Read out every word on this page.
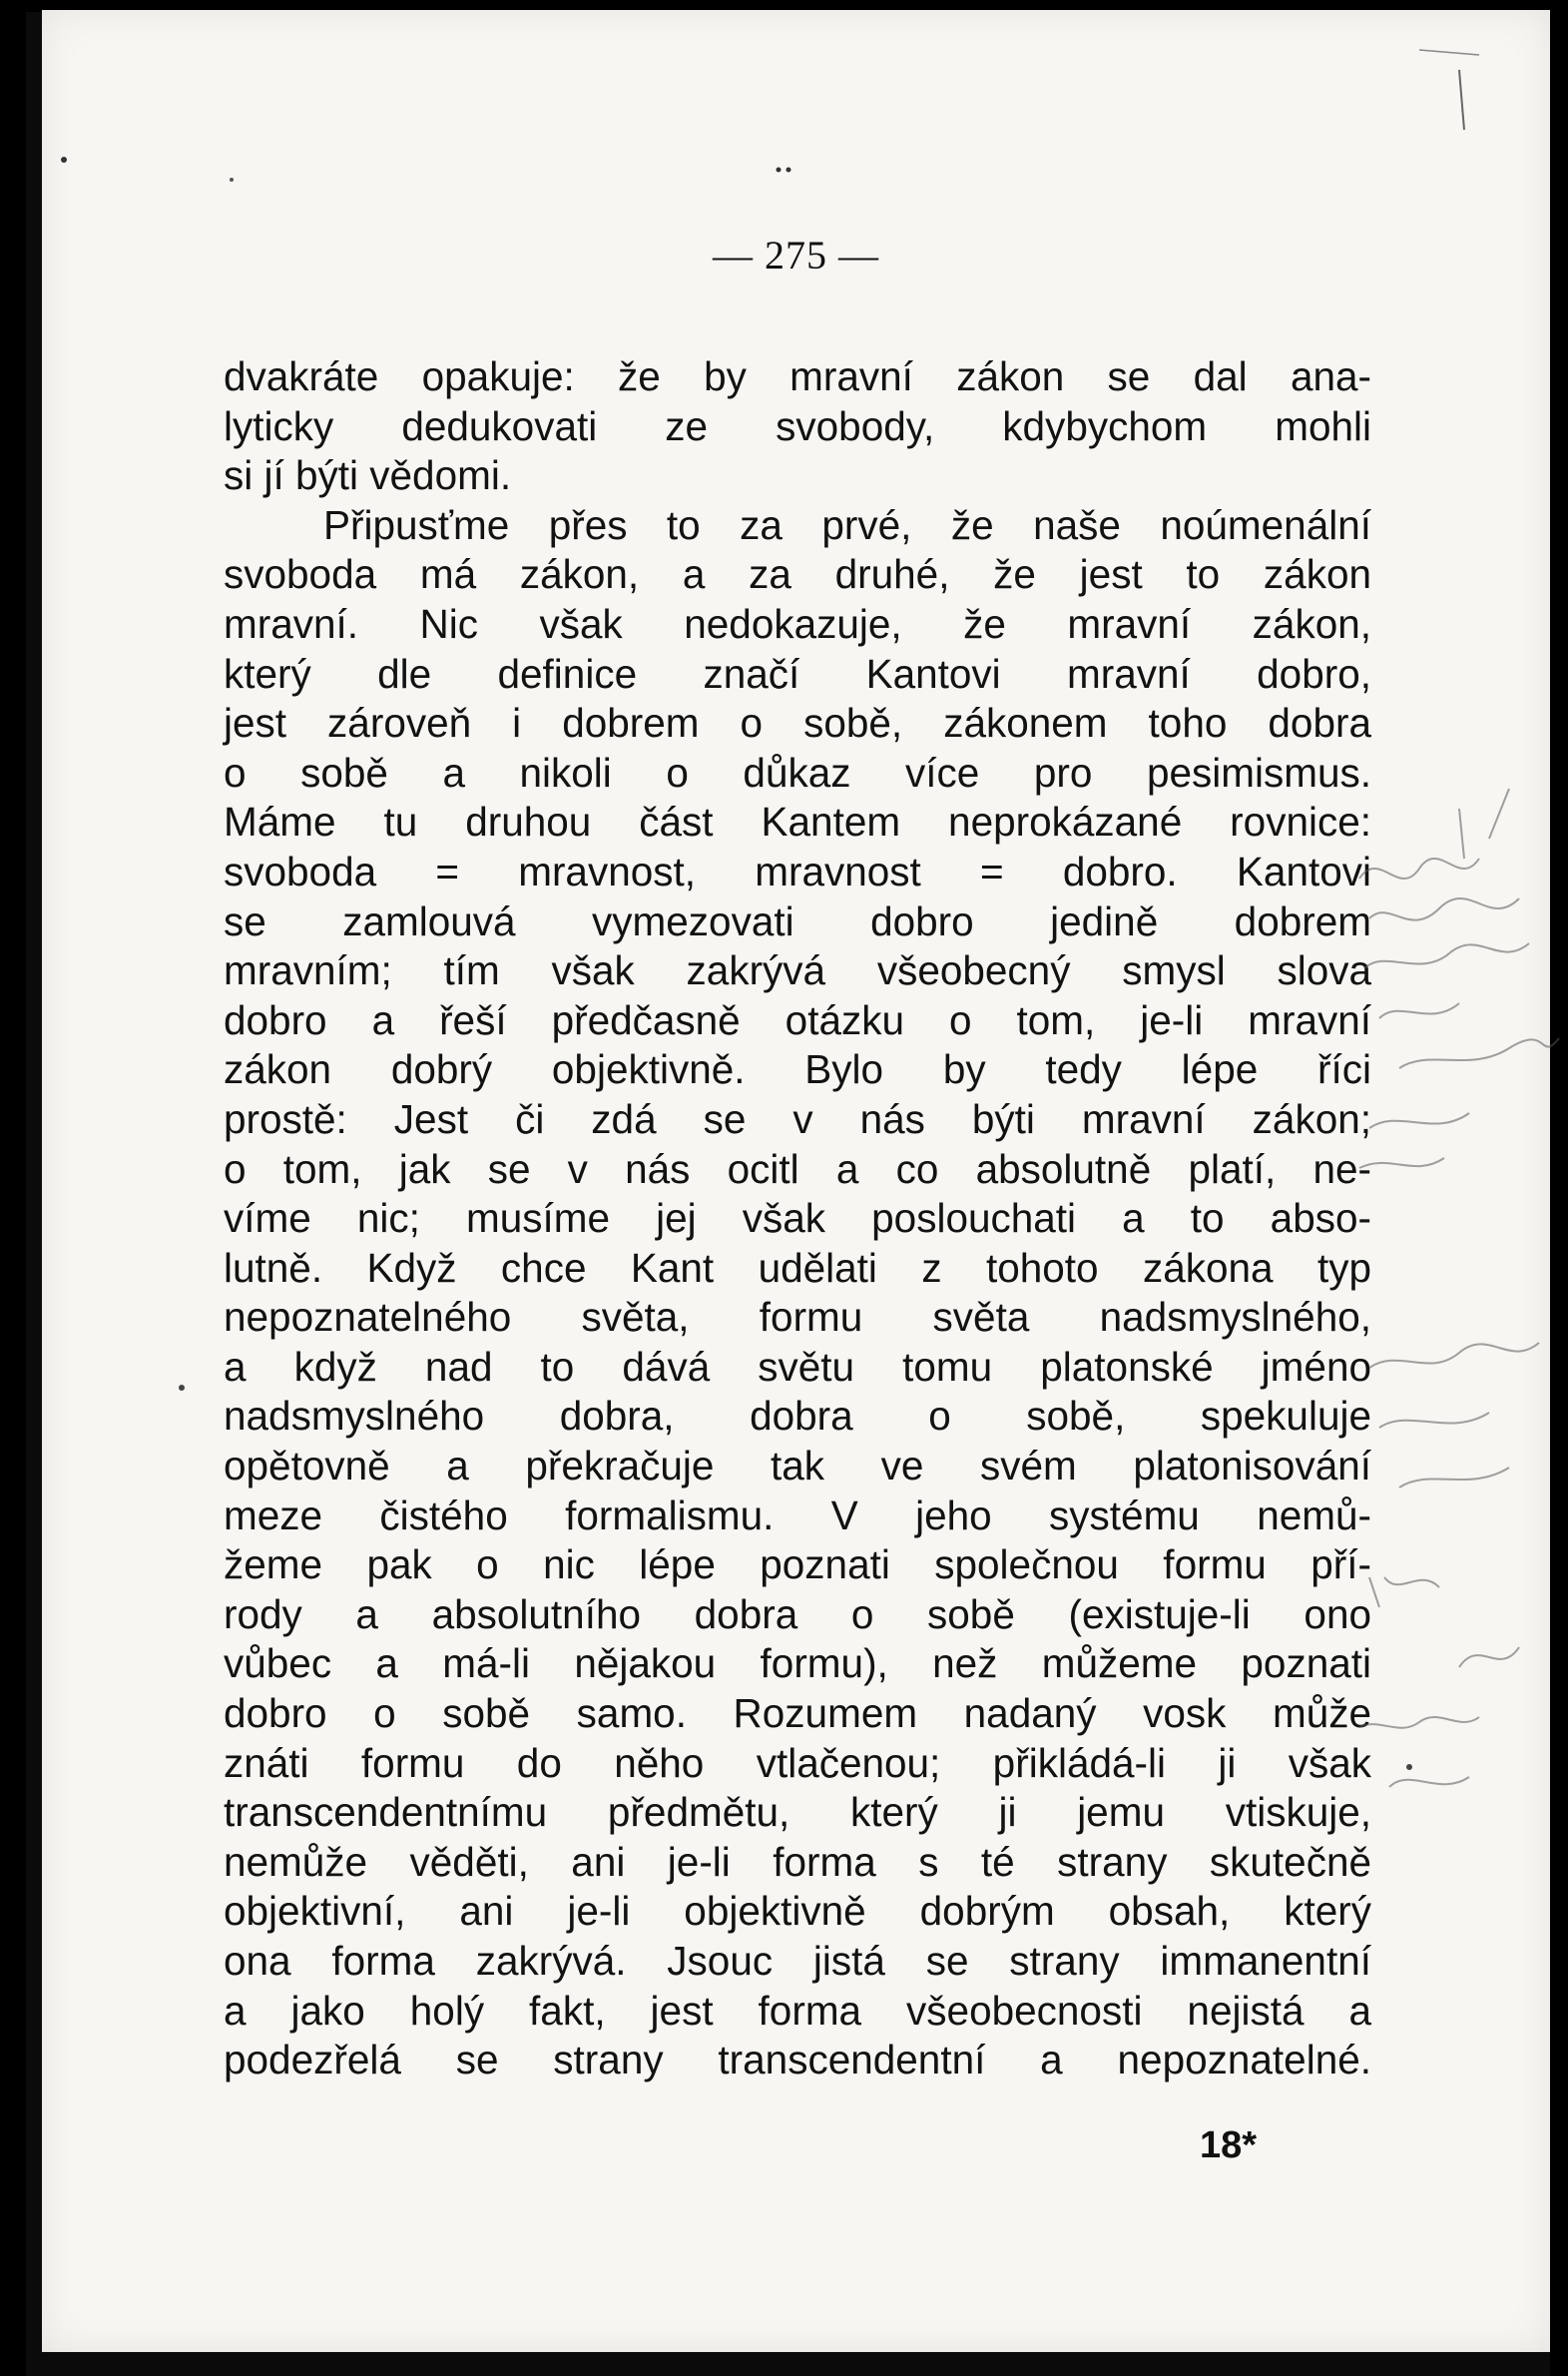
— 275 —
dvakráte opakuje: že by mravní zákon se dal ana-
lyticky dedukovati ze svobody, kdybychom mohli
si jí býti vědomi.
Připusťme přes to za prvé, že naše noúmenální
svoboda má zákon, a za druhé, že jest to zákon
mravní. Nic však nedokazuje, že mravní zákon,
který dle definice značí Kantovi mravní dobro,
jest zároveň i dobrem o sobě, zákonem toho dobra
o sobě a nikoli o důkaz více pro pesimismus.
Máme tu druhou část Kantem neprokázané rovnice:
svoboda = mravnost, mravnost = dobro. Kantovi
se zamlouvá vymezovati dobro jedině dobrem
mravním; tím však zakrývá všeobecný smysl slova
dobro a řeší předčasně otázku o tom, je-li mravní
zákon dobrý objektivně. Bylo by tedy lépe říci
prostě: Jest či zdá se v nás býti mravní zákon;
o tom, jak se v nás ocitl a co absolutně platí, ne-
víme nic; musíme jej však poslouchati a to abso-
lutně. Když chce Kant udělati z tohoto zákona typ
nepoznatelného světa, formu světa nadsmyslného,
a když nad to dává světu tomu platonské jméno
nadsmyslného dobra, dobra o sobě, spekuluje
opětovně a překračuje tak ve svém platonisování
meze čistého formalismu. V jeho systému nemů-
žeme pak o nic lépe poznati společnou formu pří-
rody a absolutního dobra o sobě (existuje-li ono
vůbec a má-li nějakou formu), než můžeme poznati
dobro o sobě samo. Rozumem nadaný vosk může
znáti formu do něho vtlačenou; přikládá-li ji však
transcendentnímu předmětu, který ji jemu vtiskuje,
nemůže věděti, ani je-li forma s té strany skutečně
objektivní, ani je-li objektivně dobrým obsah, který
ona forma zakrývá. Jsouc jistá se strany immanentní
a jako holý fakt, jest forma všeobecnosti nejistá a
podezřelá se strany transcendentní a nepoznatelné.
18*
